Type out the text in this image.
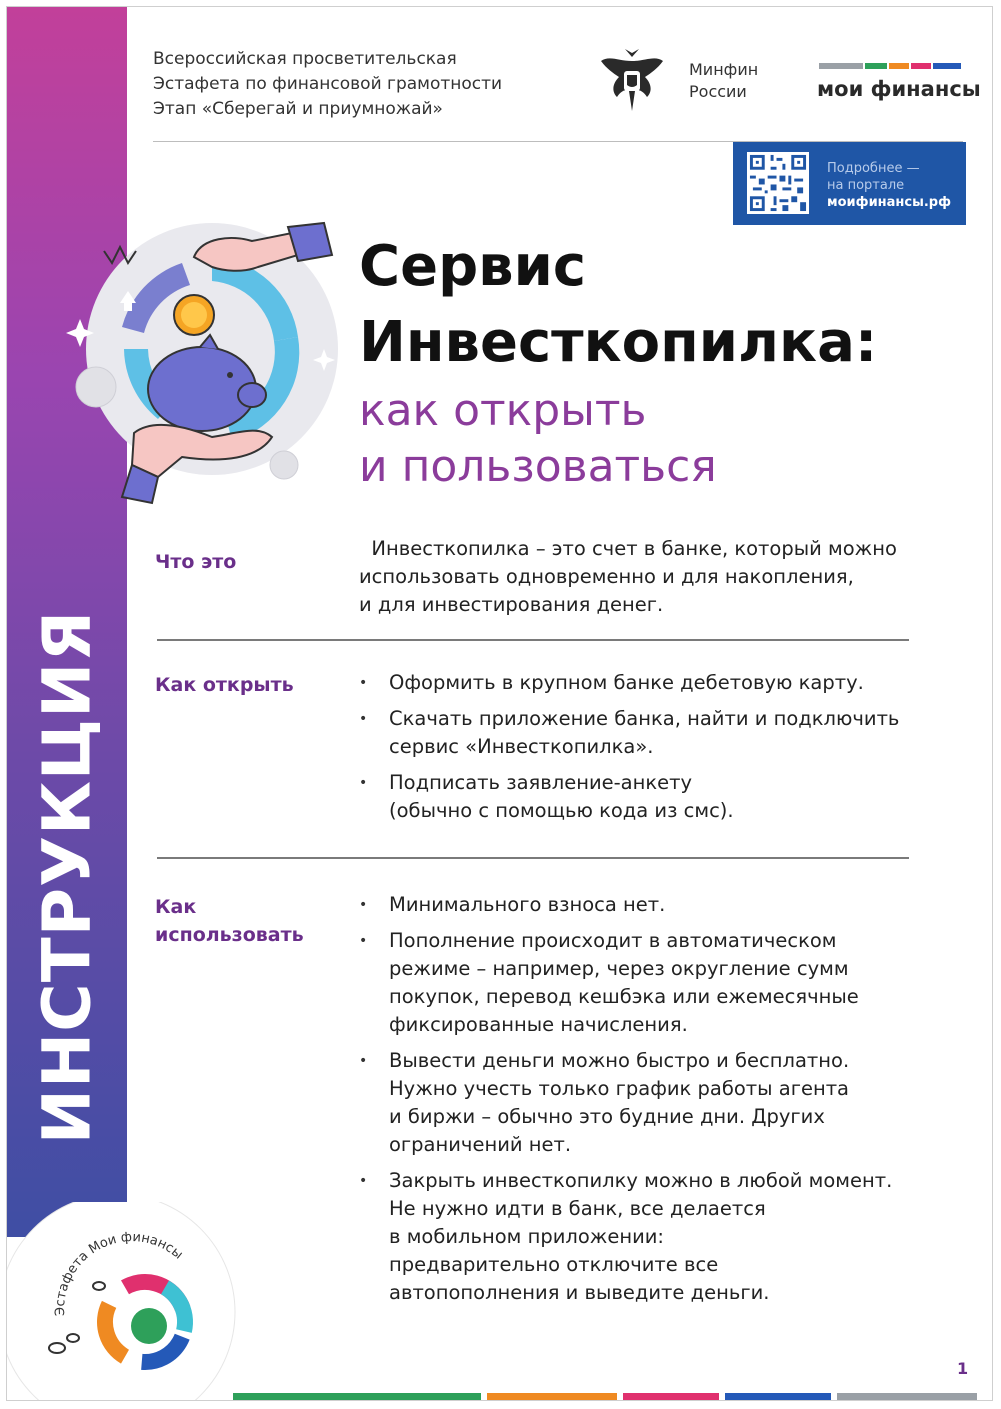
ИНСТРУКЦИЯ
Эстафета Мои финансы
Всероссийская просветительская
Эстафета по финансовой грамотности
Этап «Сберегай и приумножай»
Минфин
России	мои финансы
Подробнее —
на портале
моифинансы.рф
Сервис
Инвесткопилка:
как открыть
и пользоваться
Что это
Инвесткопилка – это счет в банке, который можно
использовать одновременно и для накопления,
и для инвестирования денег.
Как открыть
•	Оформить в крупном банке дебетовую карту.
• Скачать приложение банка, найти и подключить
сервис «Инвесткопилка».
• Подписать заявление-анкету
(обычно с помощью кода из смс).
Как
использовать
• Минимального взноса нет.
• Пополнение происходит в автоматическом
режиме – например, через округление сумм
покупок, перевод кешбэка или ежемесячные
фиксированные начисления.
• Вывести деньги можно быстро и бесплатно.
Нужно учесть только график работы агента
и биржи – обычно это будние дни. Других
ограничений нет.
• Закрыть инвесткопилку можно в любой момент.
Не нужно идти в банк, все делается
в мобильном приложении:
предварительно отключите все
автопополнения и выведите деньги.
1
